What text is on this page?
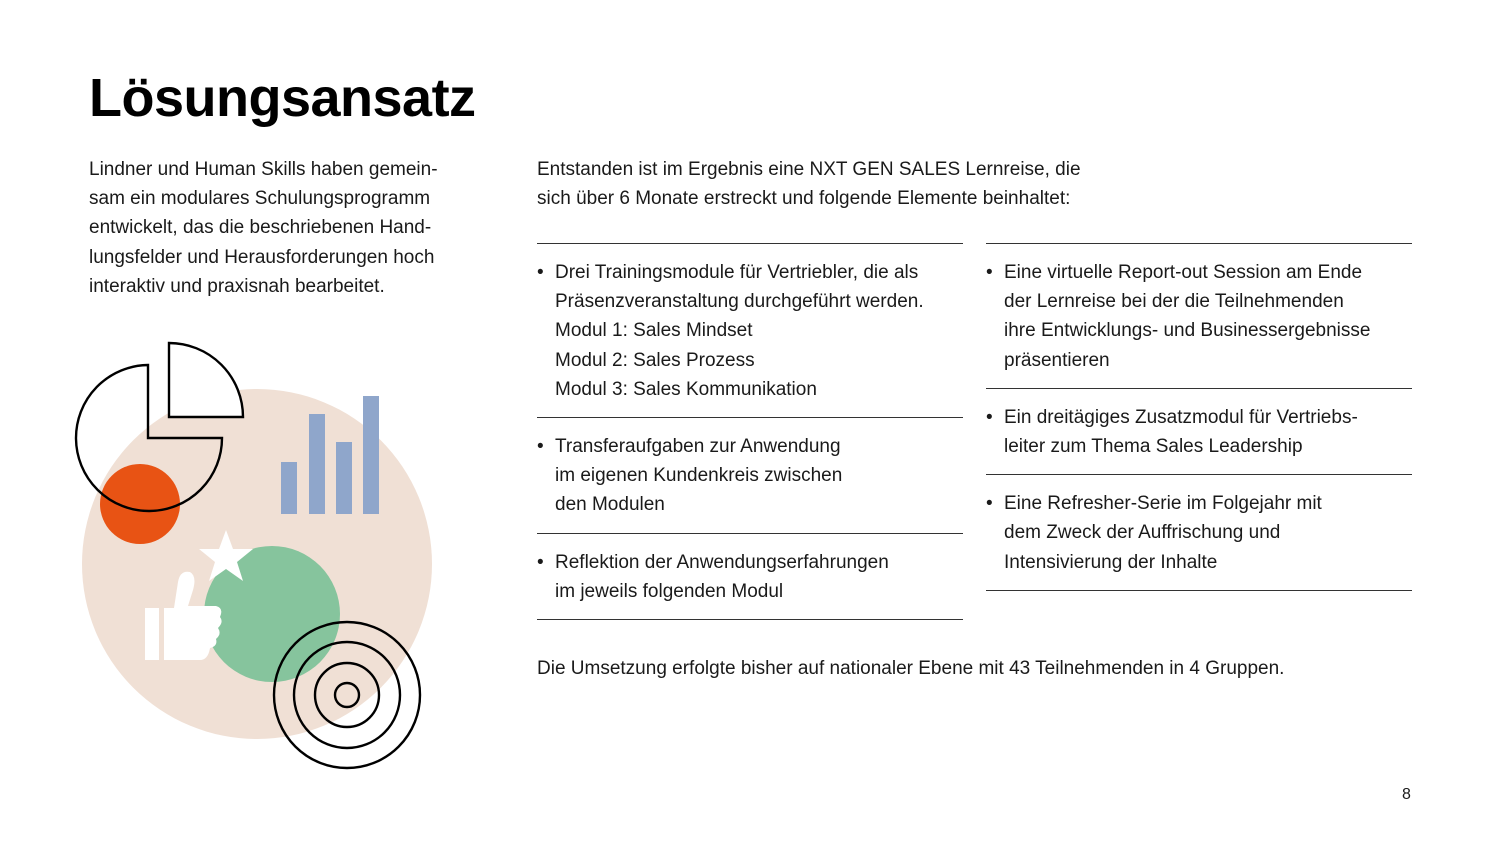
Lösungsansatz

Lindner und Human Skills haben gemein-
sam ein modulares Schulungsprogramm
entwickelt, das die beschriebenen Hand-
lungsfelder und Herausforderungen hoch
interaktiv und praxisnah bearbeitet.

Entstanden ist im Ergebnis eine NXT GEN SALES Lernreise, die
sich über 6 Monate erstreckt und folgende Elemente beinhaltet:

• Drei Trainingsmodule für Vertriebler, die als
Präsenzveranstaltung durchgeführt werden.
Modul 1: Sales Mindset
Modul 2: Sales Prozess
Modul 3: Sales Kommunikation
• Transferaufgaben zur Anwendung
im eigenen Kundenkreis zwischen
den Modulen
• Reflektion der Anwendungserfahrungen
im jeweils folgenden Modul
• Eine virtuelle Report-out Session am Ende
der Lernreise bei der die Teilnehmenden
ihre Entwicklungs- und Businessergebnisse
präsentieren
• Ein dreitägiges Zusatzmodul für Vertriebs-
leiter zum Thema Sales Leadership
• Eine Refresher-Serie im Folgejahr mit
dem Zweck der Auffrischung und
Intensivierung der Inhalte

Die Umsetzung erfolgte bisher auf nationaler Ebene mit 43 Teilnehmenden in 4 Gruppen.

8
